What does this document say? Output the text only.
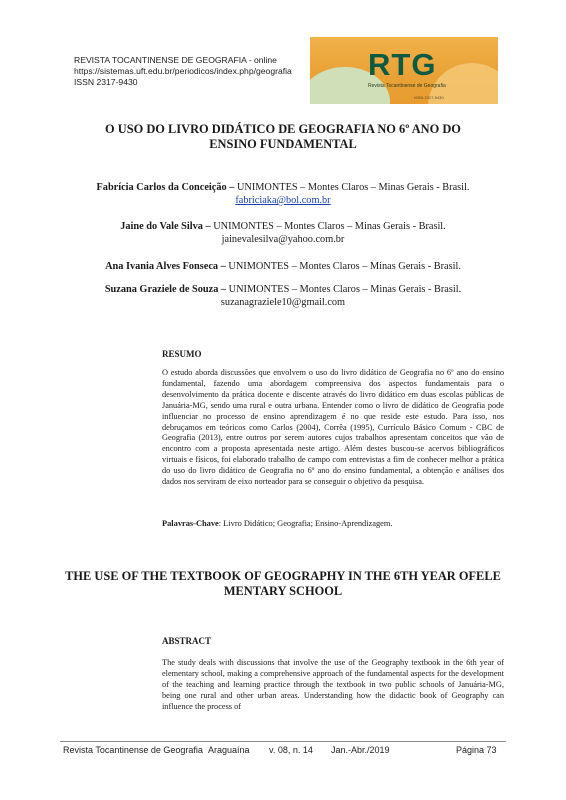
REVISTA TOCANTINENSE DE GEOGRAFIA - online
https://sistemas.uft.edu.br/periodicos/index.php/geografia
ISSN 2317-9430	RTG
Revista Tocantinense de Geografia
ISSN 2317-9430
O USO DO LIVRO DIDÁTICO DE GEOGRAFIA NO 6º ANO DO
ENSINO FUNDAMENTAL
Fabrícia Carlos da Conceição – UNIMONTES – Montes Claros – Minas Gerais - Brasil.
fabriciaka@bol.com.br
Jaine do Vale Silva – UNIMONTES – Montes Claros – Minas Gerais - Brasil.
jainevalesilva@yahoo.com.br
Ana Ivania Alves Fonseca – UNIMONTES – Montes Claros – Minas Gerais - Brasil.
Suzana Graziele de Souza – UNIMONTES – Montes Claros – Minas Gerais - Brasil.
suzanagraziele10@gmail.com
RESUMO
O estudo aborda discussões que envolvem o uso do livro didático de Geografia no 6º ano do ensino fundamental, fazendo uma abordagem compreensiva dos aspectos fundamentais para o desenvolvimento da prática docente e discente através do livro didático em duas escolas públicas de Januária-MG, sendo uma rural e outra urbana. Entender como o livro de didático de Geografia pode influenciar no processo de ensino aprendizagem é no que reside este estudo. Para isso, nos debruçamos em teóricos como Carlos (2004), Corrêa (1995), Currículo Básico Comum - CBC de Geografia (2013), entre outros por serem autores cujos trabalhos apresentam conceitos que vão de encontro com a proposta apresentada neste artigo. Além destes buscou-se acervos bibliográficos virtuais e físicos, foi elaborado trabalho de campo com entrevistas a fim de conhecer melhor a prática do uso do livro didático de Geografia no 6º ano do ensino fundamental, a obtenção e análises dos dados nos serviram de eixo norteador para se conseguir o objetivo da pesquisa.
Palavras-Chave: Livro Didático; Geografia; Ensino-Aprendizagem.
THE USE OF THE TEXTBOOK OF GEOGRAPHY IN THE 6TH YEAR OFELE
MENTARY SCHOOL
ABSTRACT
The study deals with discussions that involve the use of the Geography textbook in the 6th year of elementary school, making a comprehensive approach of the fundamental aspects for the development of the teaching and learning practice through the textbook in two public schools of Januária-MG, being one rural and other urban areas. Understanding how the didactic book of Geography can influence the process of
Revista Tocantinense de Geografia Araguaína v. 08, n. 14 Jan.-Abr./2019	Página 73
